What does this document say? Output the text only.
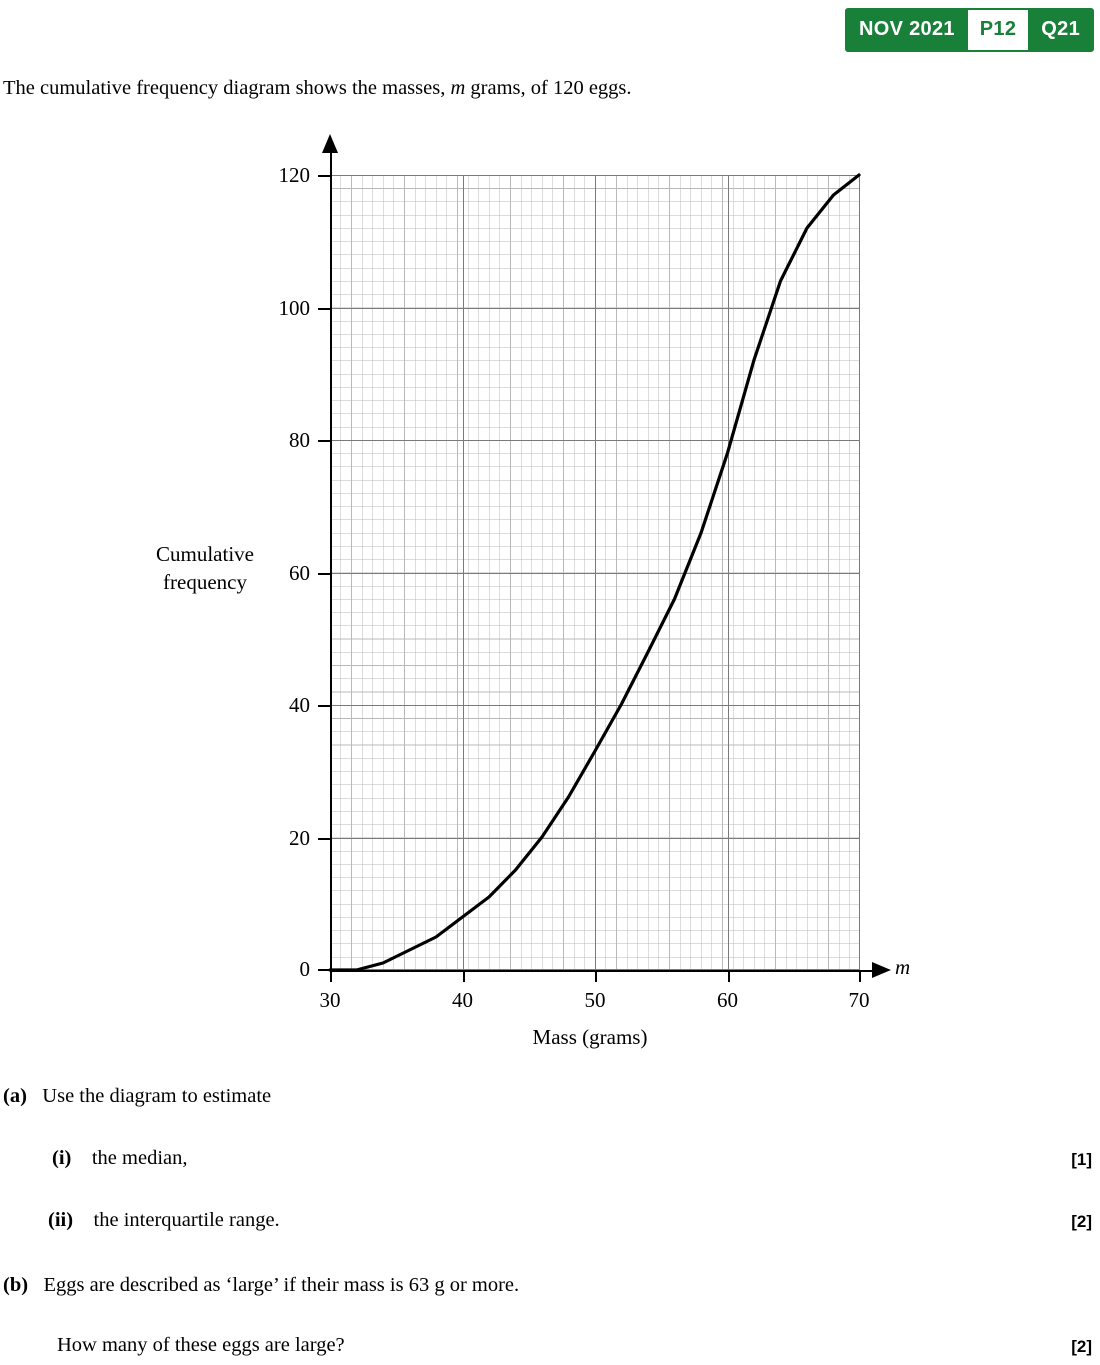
NOV 2021	P12	Q21
The cumulative frequency diagram shows the masses, m grams, of 120 eggs.
120
100
80
60
40
20
0
30	40	50	60	70
Cumulative frequency
Mass (grams)
m
(a) Use the diagram to estimate
(i) the median,	[1]
(ii) the interquartile range.	[2]
(b) Eggs are described as ‘large’ if their mass is 63 g or more.
How many of these eggs are large?	[2]
